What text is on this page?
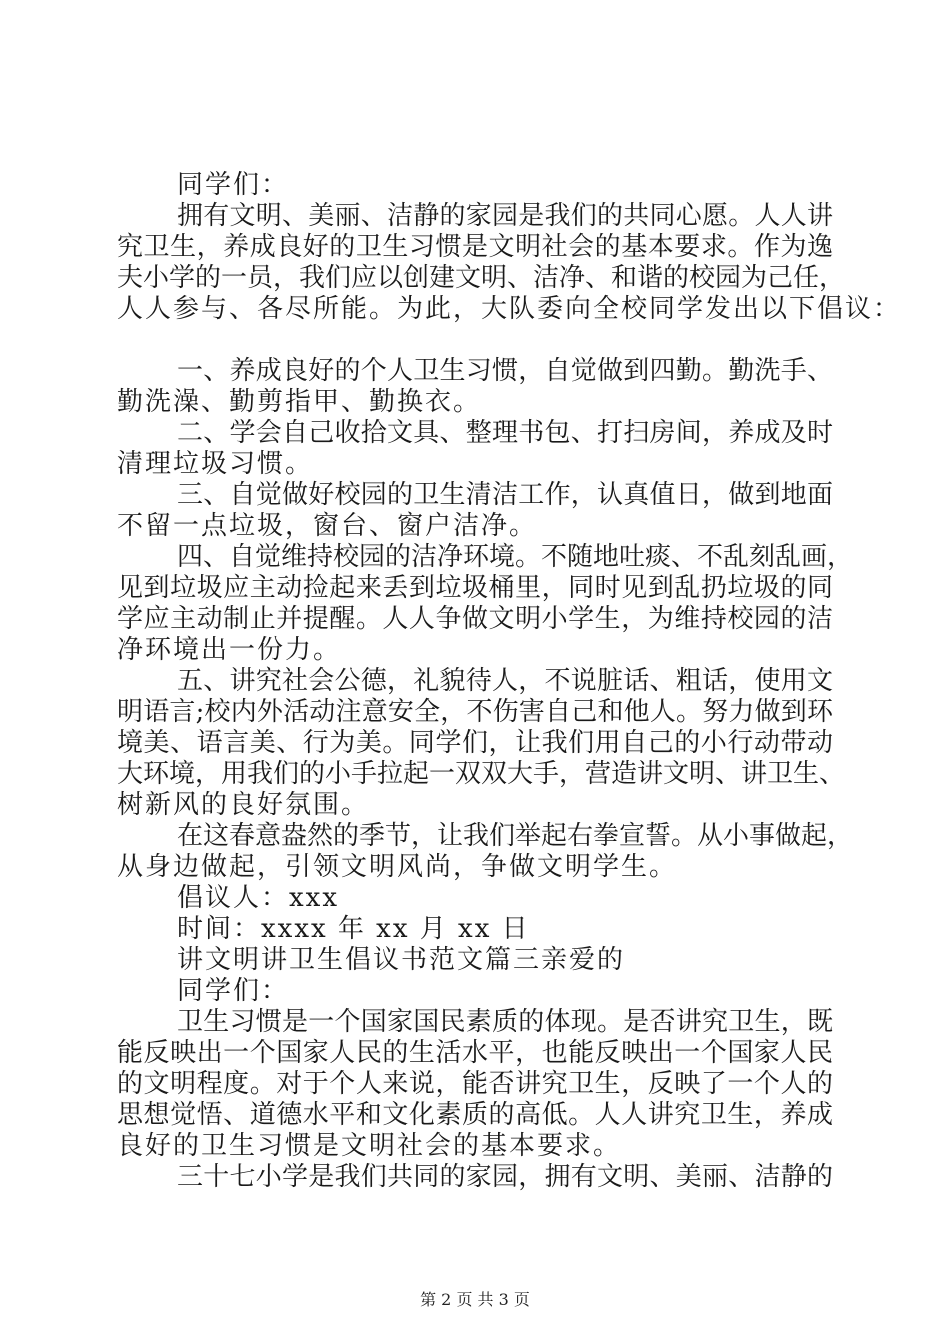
同学们：
拥有文明、美丽、洁静的家园是我们的共同心愿。人人讲
究卫生，养成良好的卫生习惯是文明社会的基本要求。作为逸
夫小学的一员，我们应以创建文明、洁净、和谐的校园为己任，
人人参与、各尽所能。为此，大队委向全校同学发出以下倡议：
一、养成良好的个人卫生习惯，自觉做到四勤。勤洗手、
勤洗澡、勤剪指甲、勤换衣。
二、学会自己收拾文具、整理书包、打扫房间，养成及时
清理垃圾习惯。
三、自觉做好校园的卫生清洁工作，认真值日，做到地面
不留一点垃圾，窗台、窗户洁净。
四、自觉维持校园的洁净环境。不随地吐痰、不乱刻乱画，
见到垃圾应主动捡起来丢到垃圾桶里，同时见到乱扔垃圾的同
学应主动制止并提醒。人人争做文明小学生，为维持校园的洁
净环境出一份力。
五、讲究社会公德，礼貌待人，不说脏话、粗话，使用文
明语言;校内外活动注意安全，不伤害自己和他人。努力做到环
境美、语言美、行为美。同学们，让我们用自己的小行动带动
大环境，用我们的小手拉起一双双大手，营造讲文明、讲卫生、
树新风的良好氛围。
在这春意盎然的季节，让我们举起右拳宣誓。从小事做起，
从身边做起，引领文明风尚，争做文明学生。
倡议人：xxx
时间：xxxx 年 xx 月 xx 日
讲文明讲卫生倡议书范文篇三亲爱的
同学们：
卫生习惯是一个国家国民素质的体现。是否讲究卫生，既
能反映出一个国家人民的生活水平，也能反映出一个国家人民
的文明程度。对于个人来说，能否讲究卫生，反映了一个人的
思想觉悟、道德水平和文化素质的高低。人人讲究卫生，养成
良好的卫生习惯是文明社会的基本要求。
三十七小学是我们共同的家园，拥有文明、美丽、洁静的
第 2 页 共 3 页
